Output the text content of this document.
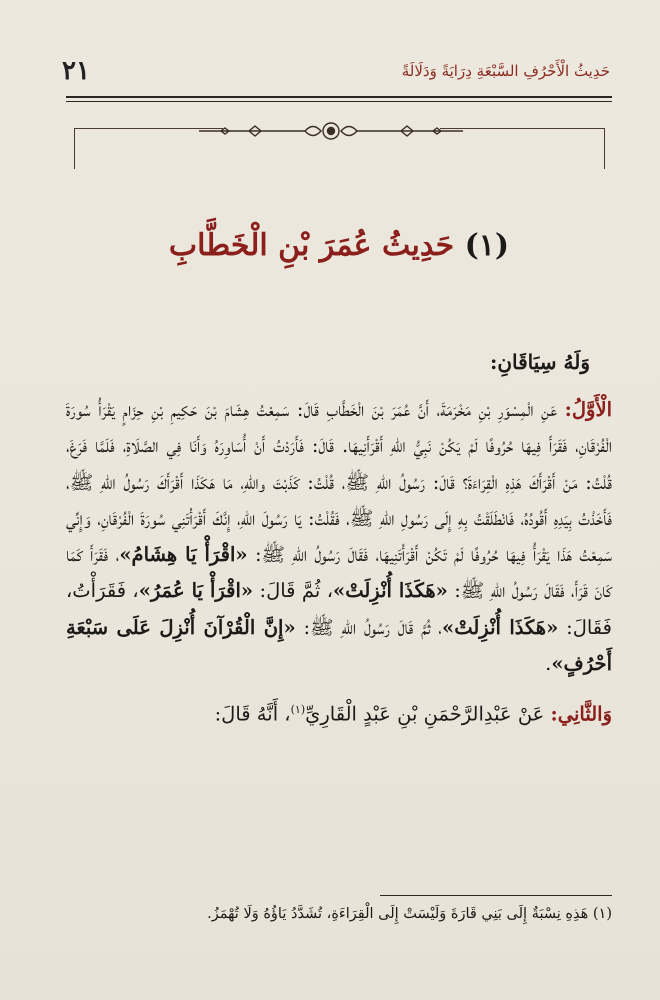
٢١	حَدِيثُ الْأَحْرُفِ السَّبْعَةِ دِرَايَةً وَدَلَالَةً
(١) حَدِيثُ عُمَرَ بْنِ الْخَطَّابِ
وَلَهُ سِيَاقَانِ:

الْأَوَّلُ: عَنِ الْمِسْوَرِ بْنِ مَخْرَمَةَ، أَنَّ عُمَرَ بْنَ الْخَطَّابِ قَالَ: سَمِعْتُ هِشَامَ بْنَ حَكِيمِ بْنِ حِزَامٍ يَقْرَأُ سُورَةَ الْفُرْقَانِ، فَقَرَأَ فِيهَا حُرُوفًا لَمْ يَكُنْ نَبِيُّ اللهِ أَقْرَأَنِيهَا. قَالَ: فَأَرَدْتُ أَنْ أُسَاوِرَهُ وَأَنَا فِي الصَّلَاةِ، فَلَمَّا فَرَغَ، قُلْتُ: مَنْ أَقْرَأَكَ هَذِهِ الْقِرَاءَةَ؟ قَالَ: رَسُولُ اللهِ ﷺ، قُلْتُ: كَذَبْتَ واللهِ، مَا هَكَذَا أَقْرَأَكَ رَسُولُ اللهِ ﷺ، فَأَخَذْتُ بِيَدِهِ أَقُودُهُ، فَانْطَلَقْتُ بِهِ إِلَى رَسُولِ اللهِ ﷺ، فَقُلْتُ: يَا رَسُولَ اللهِ، إِنَّكَ أَقْرَأْتَنِي سُورَةَ الْفُرْقَانِ، وَإِنِّي سَمِعْتُ هَذَا يَقْرَأُ فِيهَا حُرُوفًا لَمْ تَكُنْ أَقْرَأْتَنِيهَا، فَقَالَ رَسُولُ اللهِ ﷺ: «اقْرَأْ يَا هِشَامُ»، فَقَرَأَ كَمَا كَانَ قَرَأَ، فَقَالَ رَسُولُ اللهِ ﷺ: «هَكَذَا أُنْزِلَتْ»، ثُمَّ قَالَ: «اقْرَأْ يَا عُمَرُ»، فَقَرَأْتُ، فَقَالَ: «هَكَذَا أُنْزِلَتْ»، ثُمَّ قَالَ رَسُولُ اللهِ ﷺ: «إِنَّ الْقُرْآنَ أُنْزِلَ عَلَى سَبْعَةِ أَحْرُفٍ».

وَالثَّانِي: عَنْ عَبْدِالرَّحْمَنِ بْنِ عَبْدٍ الْقَارِيِّ$^{(١)}$، أَنَّهُ قَالَ:

(١) هَذِهِ نِسْبَةٌ إِلَى بَنِي قَارَةَ وَلَيْسَتْ إِلَى الْقِرَاءَةِ، تُشَدَّدُ يَاؤُهُ وَلَا تُهْمَزُ.
